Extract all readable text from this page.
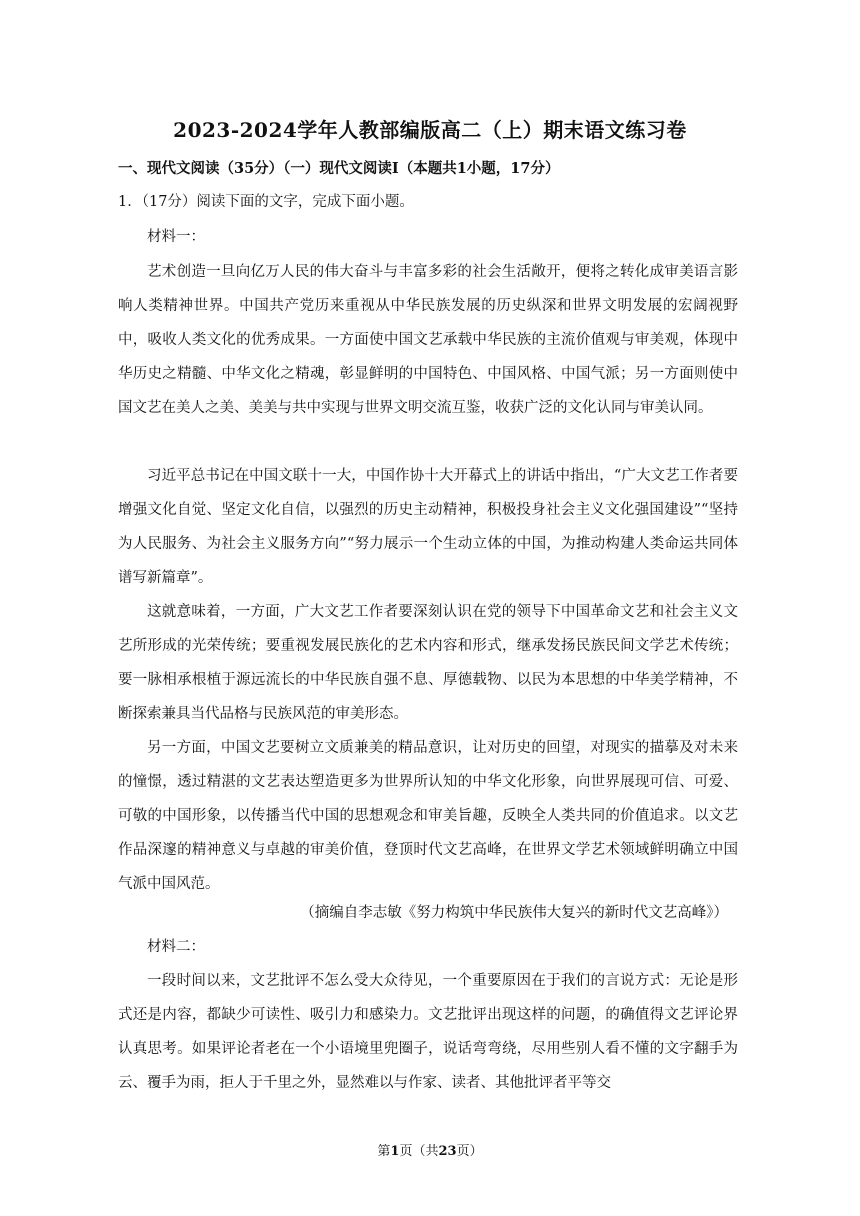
2023-2024学年人教部编版高二（上）期末语文练习卷
一、现代文阅读（35分）（一）现代文阅读Ⅰ（本题共1小题，17分）
1．（17分）阅读下面的文字，完成下面小题。
材料一：

艺术创造一旦向亿万人民的伟大奋斗与丰富多彩的社会生活敞开，便将之转化成审美语言影响人类精神世界。中国共产党历来重视从中华民族发展的历史纵深和世界文明发展的宏阔视野中，吸收人类文化的优秀成果。一方面使中国文艺承载中华民族的主流价值观与审美观，体现中华历史之精髓、中华文化之精魂，彰显鲜明的中国特色、中国风格、中国气派；另一方面则使中国文艺在美人之美、美美与共中实现与世界文明交流互鉴，收获广泛的文化认同与审美认同。

习近平总书记在中国文联十一大，中国作协十大开幕式上的讲话中指出，“广大文艺工作者要增强文化自觉、坚定文化自信，以强烈的历史主动精神，积极投身社会主义文化强国建设”“坚持为人民服务、为社会主义服务方向”“努力展示一个生动立体的中国，为推动构建人类命运共同体谱写新篇章”。

这就意味着，一方面，广大文艺工作者要深刻认识在党的领导下中国革命文艺和社会主义文艺所形成的光荣传统；要重视发展民族化的艺术内容和形式，继承发扬民族民间文学艺术传统；要一脉相承根植于源远流长的中华民族自强不息、厚德载物、以民为本思想的中华美学精神，不断探索兼具当代品格与民族风范的审美形态。

另一方面，中国文艺要树立文质兼美的精品意识，让对历史的回望，对现实的描摹及对未来的憧憬，透过精湛的文艺表达塑造更多为世界所认知的中华文化形象，向世界展现可信、可爱、可敬的中国形象，以传播当代中国的思想观念和审美旨趣，反映全人类共同的价值追求。以文艺作品深邃的精神意义与卓越的审美价值，登顶时代文艺高峰，在世界文学艺术领域鲜明确立中国气派中国风范。

（摘编自李志敏《努力构筑中华民族伟大复兴的新时代文艺高峰》）
材料二：

一段时间以来，文艺批评不怎么受大众待见，一个重要原因在于我们的言说方式：无论是形式还是内容，都缺少可读性、吸引力和感染力。文艺批评出现这样的问题，的确值得文艺评论界认真思考。如果评论者老在一个小语境里兜圈子，说话弯弯绕，尽用些别人看不懂的文字翻手为云、覆手为雨，拒人于千里之外，显然难以与作家、读者、其他批评者平等交

第1页（共23页）
